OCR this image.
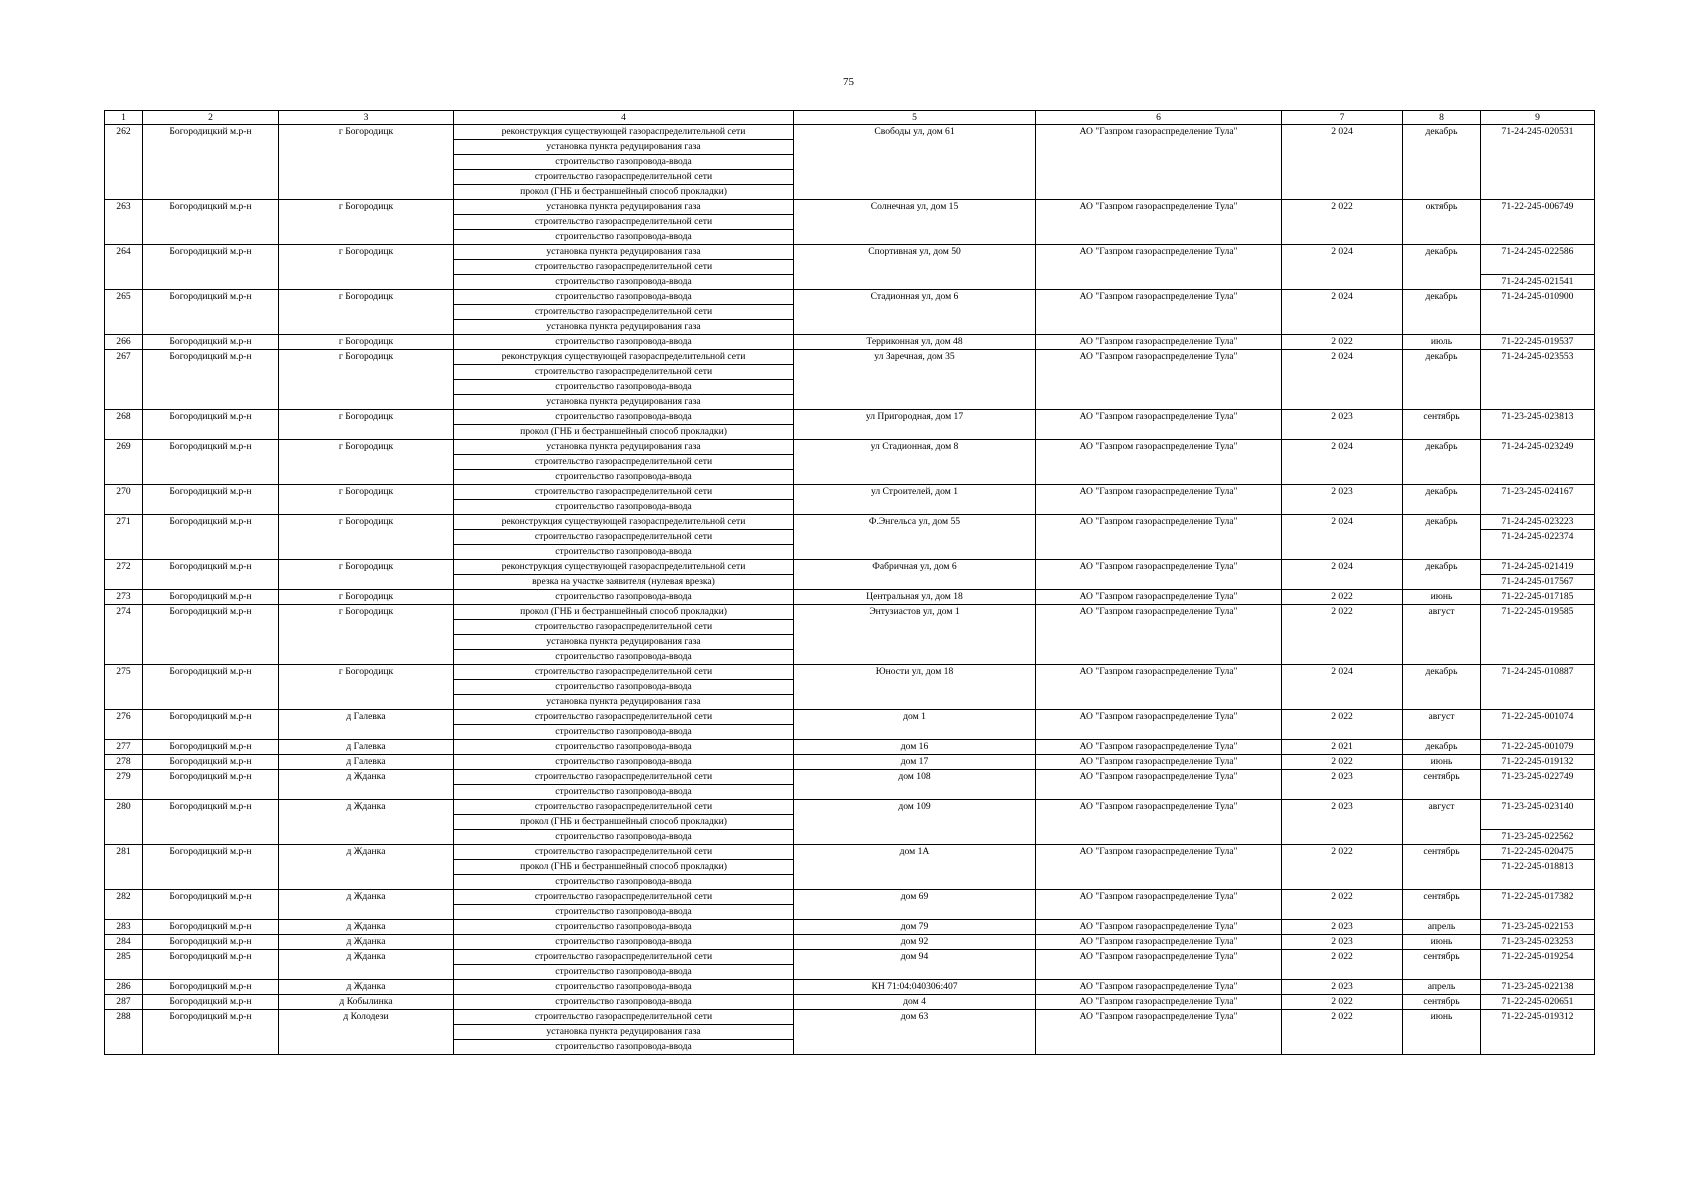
75
1	2	3	4	5	6	7	8	9
262	Богородицкий м.р-н	г Богородицк	реконструкция существующей газораспределительной сети	Свободы ул, дом 61	АО "Газпром газораспределение Тула"	2 024	декабрь	71-24-245-020531
			установка пункта редуцирования газа					
			строительство газопровода-ввода					
			строительство газораспределительной сети					
			прокол (ГНБ и бестраншейный способ прокладки)					
263	Богородицкий м.р-н	г Богородицк	установка пункта редуцирования газа	Солнечная ул, дом 15	АО "Газпром газораспределение Тула"	2 022	октябрь	71-22-245-006749
			строительство газораспределительной сети					
			строительство газопровода-ввода					
264	Богородицкий м.р-н	г Богородицк	установка пункта редуцирования газа	Спортивная ул, дом 50	АО "Газпром газораспределение Тула"	2 024	декабрь	71-24-245-022586
			строительство газораспределительной сети					
			строительство газопровода-ввода					71-24-245-021541
265	Богородицкий м.р-н	г Богородицк	строительство газопровода-ввода	Стадионная ул, дом 6	АО "Газпром газораспределение Тула"	2 024	декабрь	71-24-245-010900
			строительство газораспределительной сети					
			установка пункта редуцирования газа					
266	Богородицкий м.р-н	г Богородицк	строительство газопровода-ввода	Терриконная ул, дом 48	АО "Газпром газораспределение Тула"	2 022	июль	71-22-245-019537
267	Богородицкий м.р-н	г Богородицк	реконструкция существующей газораспределительной сети	ул Заречная, дом 35	АО "Газпром газораспределение Тула"	2 024	декабрь	71-24-245-023553
			строительство газораспределительной сети					
			строительство газопровода-ввода					
			установка пункта редуцирования газа					
268	Богородицкий м.р-н	г Богородицк	строительство газопровода-ввода	ул Пригородная, дом 17	АО "Газпром газораспределение Тула"	2 023	сентябрь	71-23-245-023813
			прокол (ГНБ и бестраншейный способ прокладки)					
269	Богородицкий м.р-н	г Богородицк	установка пункта редуцирования газа	ул Стадионная, дом 8	АО "Газпром газораспределение Тула"	2 024	декабрь	71-24-245-023249
			строительство газораспределительной сети					
			строительство газопровода-ввода					
270	Богородицкий м.р-н	г Богородицк	строительство газораспределительной сети	ул Строителей, дом 1	АО "Газпром газораспределение Тула"	2 023	декабрь	71-23-245-024167
			строительство газопровода-ввода					
271	Богородицкий м.р-н	г Богородицк	реконструкция существующей газораспределительной сети	Ф.Энгельса ул, дом 55	АО "Газпром газораспределение Тула"	2 024	декабрь	71-24-245-023223
			строительство газораспределительной сети					71-24-245-022374
			строительство газопровода-ввода					
272	Богородицкий м.р-н	г Богородицк	реконструкция существующей газораспределительной сети	Фабричная ул, дом 6	АО "Газпром газораспределение Тула"	2 024	декабрь	71-24-245-021419
			врезка на участке заявителя (нулевая врезка)					71-24-245-017567
273	Богородицкий м.р-н	г Богородицк	строительство газопровода-ввода	Центральная ул, дом 18	АО "Газпром газораспределение Тула"	2 022	июнь	71-22-245-017185
274	Богородицкий м.р-н	г Богородицк	прокол (ГНБ и бестраншейный способ прокладки)	Энтузиастов ул, дом 1	АО "Газпром газораспределение Тула"	2 022	август	71-22-245-019585
			строительство газораспределительной сети					
			установка пункта редуцирования газа					
			строительство газопровода-ввода					
275	Богородицкий м.р-н	г Богородицк	строительство газораспределительной сети	Юности ул, дом 18	АО "Газпром газораспределение Тула"	2 024	декабрь	71-24-245-010887
			строительство газопровода-ввода					
			установка пункта редуцирования газа					
276	Богородицкий м.р-н	д Галевка	строительство газораспределительной сети	дом 1	АО "Газпром газораспределение Тула"	2 022	август	71-22-245-001074
			строительство газопровода-ввода					
277	Богородицкий м.р-н	д Галевка	строительство газопровода-ввода	дом 16	АО "Газпром газораспределение Тула"	2 021	декабрь	71-22-245-001079
278	Богородицкий м.р-н	д Галевка	строительство газопровода-ввода	дом 17	АО "Газпром газораспределение Тула"	2 022	июнь	71-22-245-019132
279	Богородицкий м.р-н	д Жданка	строительство газораспределительной сети	дом 108	АО "Газпром газораспределение Тула"	2 023	сентябрь	71-23-245-022749
			строительство газопровода-ввода					
280	Богородицкий м.р-н	д Жданка	строительство газораспределительной сети	дом 109	АО "Газпром газораспределение Тула"	2 023	август	71-23-245-023140
			прокол (ГНБ и бестраншейный способ прокладки)					
			строительство газопровода-ввода					71-23-245-022562
281	Богородицкий м.р-н	д Жданка	строительство газораспределительной сети	дом 1А	АО "Газпром газораспределение Тула"	2 022	сентябрь	71-22-245-020475
			прокол (ГНБ и бестраншейный способ прокладки)					71-22-245-018813
			строительство газопровода-ввода					
282	Богородицкий м.р-н	д Жданка	строительство газораспределительной сети	дом 69	АО "Газпром газораспределение Тула"	2 022	сентябрь	71-22-245-017382
			строительство газопровода-ввода					
283	Богородицкий м.р-н	д Жданка	строительство газопровода-ввода	дом 79	АО "Газпром газораспределение Тула"	2 023	апрель	71-23-245-022153
284	Богородицкий м.р-н	д Жданка	строительство газопровода-ввода	дом 92	АО "Газпром газораспределение Тула"	2 023	июнь	71-23-245-023253
285	Богородицкий м.р-н	д Жданка	строительство газораспределительной сети	дом 94	АО "Газпром газораспределение Тула"	2 022	сентябрь	71-22-245-019254
			строительство газопровода-ввода					
286	Богородицкий м.р-н	д Жданка	строительство газопровода-ввода	КН 71:04:040306:407	АО "Газпром газораспределение Тула"	2 023	апрель	71-23-245-022138
287	Богородицкий м.р-н	д Кобылинка	строительство газопровода-ввода	дом 4	АО "Газпром газораспределение Тула"	2 022	сентябрь	71-22-245-020651
288	Богородицкий м.р-н	д Колодези	строительство газораспределительной сети	дом 63	АО "Газпром газораспределение Тула"	2 022	июнь	71-22-245-019312
			установка пункта редуцирования газа					
			строительство газопровода-ввода					
